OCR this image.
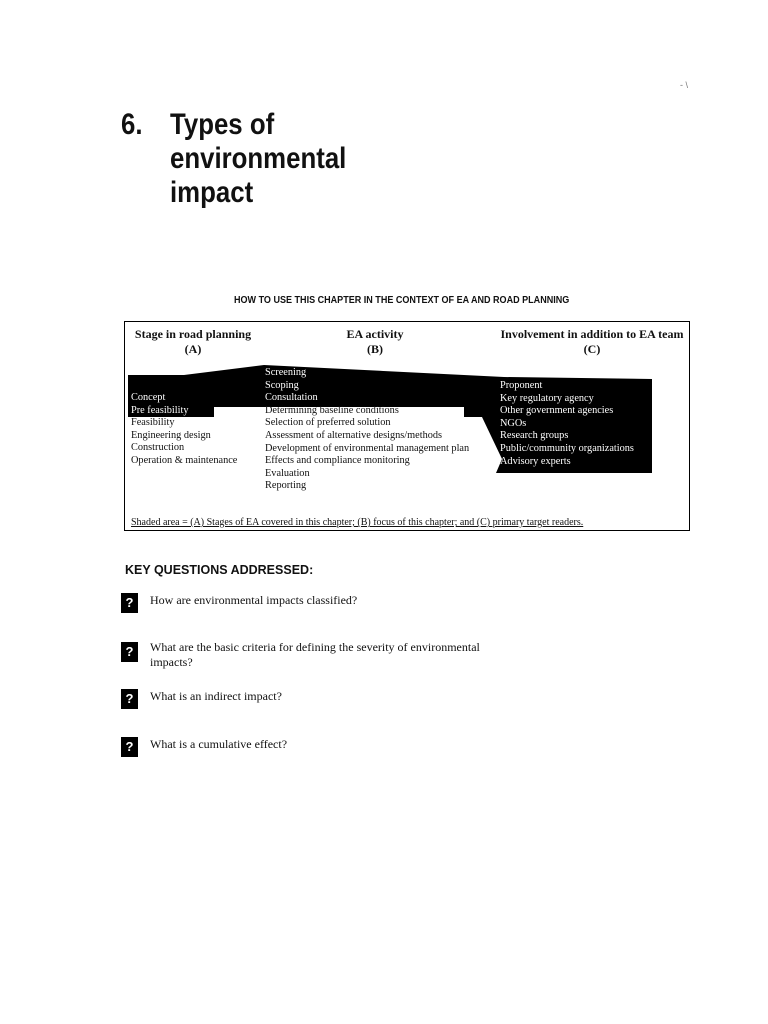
- \
6. Types of
environmental
impact
HOW TO USE THIS CHAPTER IN THE CONTEXT OF EA AND ROAD PLANNING
Stage in road planning
(A)
EA activity
(B)
Involvement in addition to EA team
(C)
Concept
Pre feasibility
Feasibility
Engineering design
Construction
Operation & maintenance
Screening
Scoping
Consultation
Determining baseline conditions
Selection of preferred solution
Assessment of alternative designs/methods
Development of environmental management plan
Effects and compliance monitoring
Evaluation
Reporting
Proponent
Key regulatory agency
Other government agencies
NGOs
Research groups
Public/community organizations
Advisory experts
Shaded area = (A) Stages of EA covered in this chapter; (B) focus of this chapter; and (C) primary target readers.
KEY QUESTIONS ADDRESSED:
?	How are environmental impacts classified?
?	What are the basic criteria for defining the severity of environmental
impacts?
?	What is an indirect impact?
?	What is a cumulative effect?
